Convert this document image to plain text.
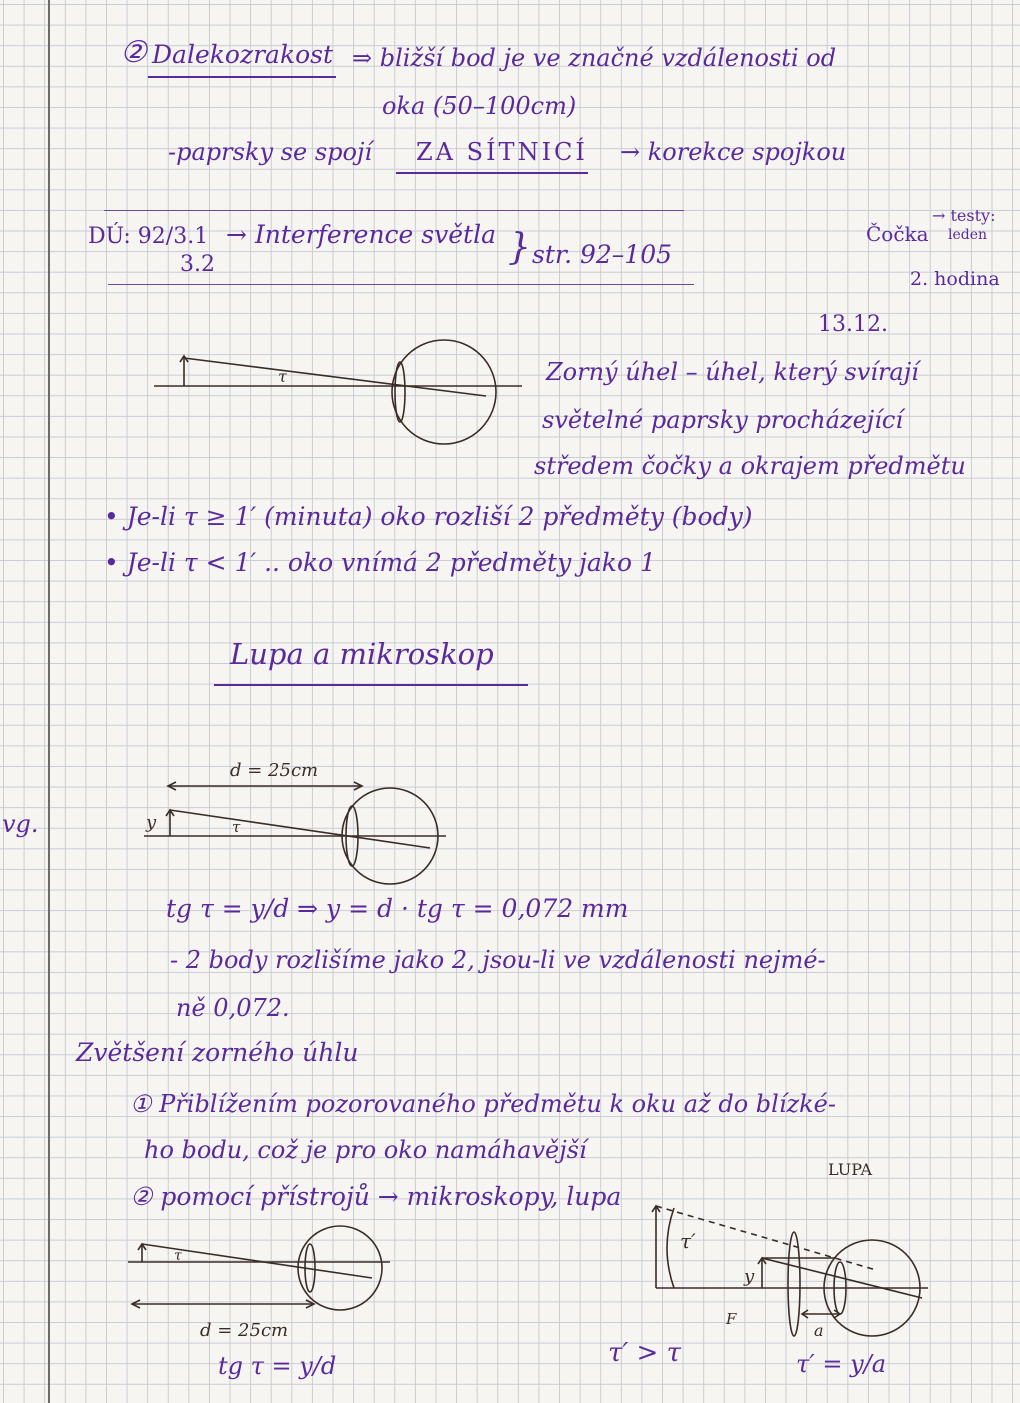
vg.
② Dalekozrakost ⇒ bližší bod je ve značné vzdálenosti od
oka (50–100cm)
-paprsky se spojí ZA SÍTNICÍ → korekce spojkou
DÚ: 92/3.1
3.2
→ Interference světla } str. 92–105
Čočka
→ testy:
leden
2. hodina
13.12.
τ	Zorný úhel – úhel, který svírají
světelné paprsky procházející
středem čočky a okrajem předmětu
• Je-li τ ≥ 1′ (minuta) oko rozliší 2 předměty (body)
• Je-li τ < 1′ .. oko vnímá 2 předměty jako 1
Lupa a mikroskop
d = 25cm
y	τ
tg τ = y/d ⇒ y = d · tg τ = 0,072 mm
- 2 body rozlišíme jako 2, jsou-li ve vzdálenosti nejmé-
ně 0,072.
Zvětšení zorného úhlu
① Přiblížením pozorovaného předmětu k oku až do blízké-
ho bodu, což je pro oko namáhavější
② pomocí přístrojů → mikroskopy, lupa
LUPA
τ
d = 25cm
tg τ = y/d
τ′
y
F
a
τ′ > τ	τ′ = y/a
